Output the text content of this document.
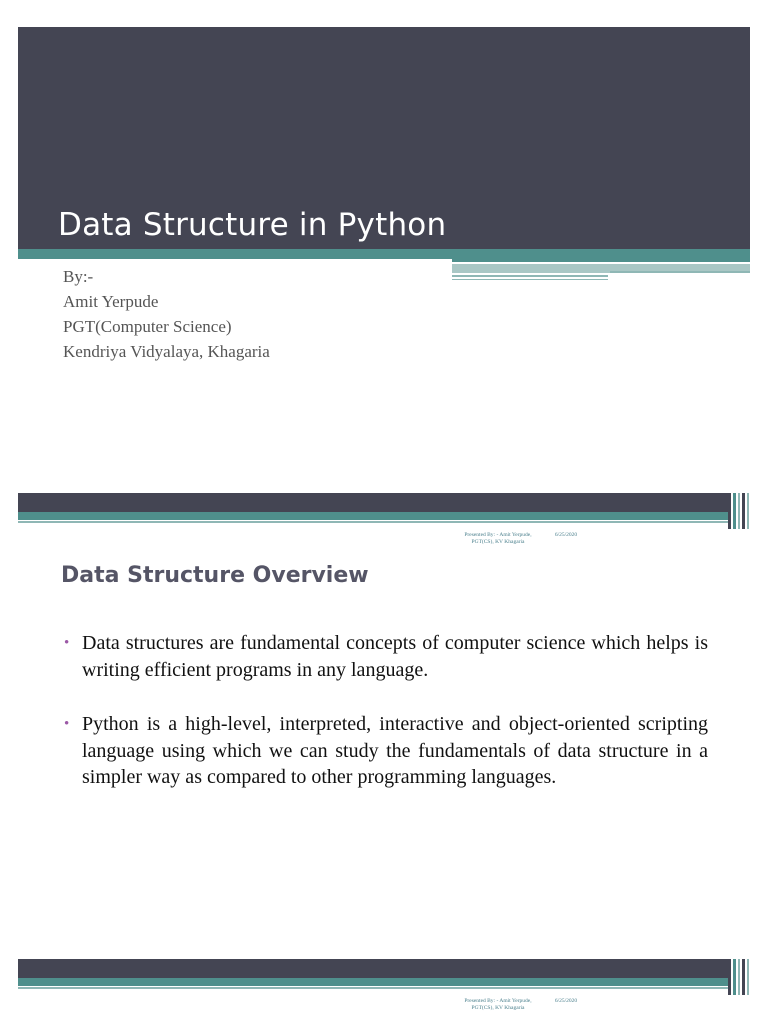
Data Structure in Python
By:-
Amit Yerpude
PGT(Computer Science)
Kendriya Vidyalaya, Khagaria
Presented By: - Amit Yerpude,
PGT(CS), KV Khagaria
6/25/2020
Data Structure Overview
• Data structures are fundamental concepts of computer science which helps is writing efficient programs in any language.
• Python is a high-level, interpreted, interactive and object-oriented scripting language using which we can study the fundamentals of data structure in a simpler way as compared to other programming languages.
Presented By: - Amit Yerpude,
PGT(CS), KV Khagaria
6/25/2020
